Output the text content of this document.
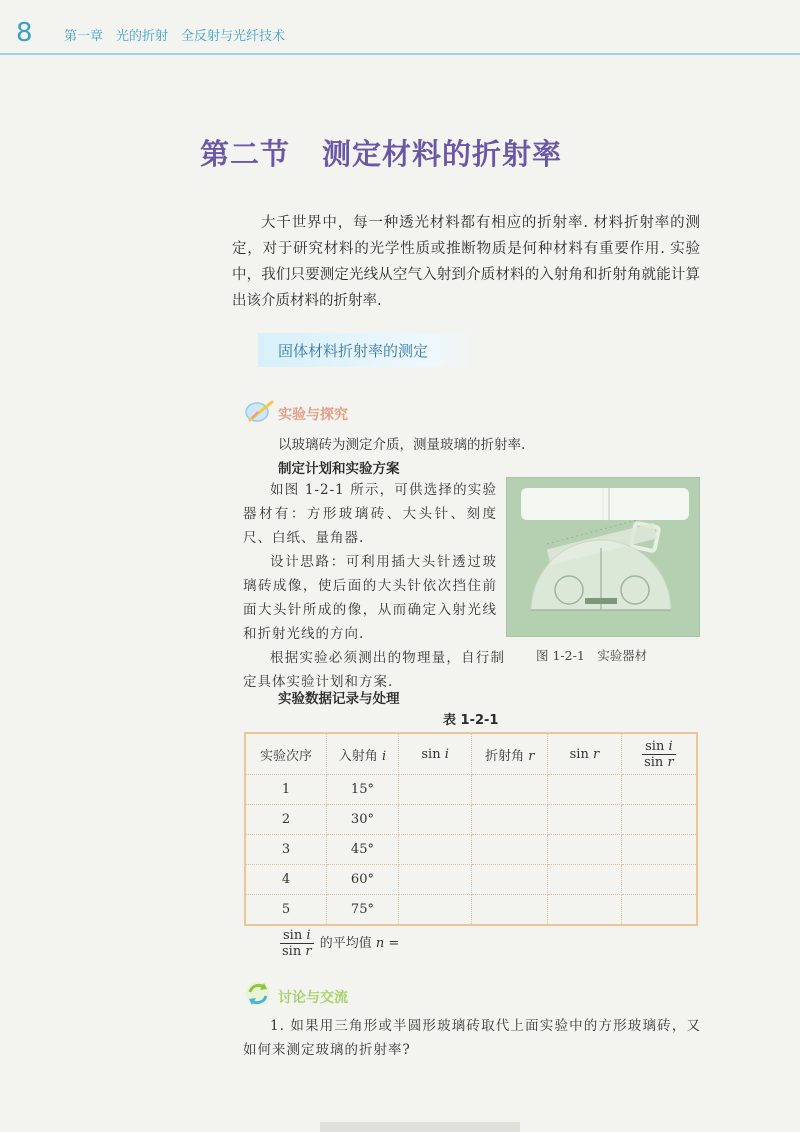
8 第一章　光的折射　全反射与光纤技术
第二节 测定材料的折射率
大千世界中，每一种透光材料都有相应的折射率. 材料折射率的测定，对于研究材料的光学性质或推断物质是何种材料有重要作用. 实验中，我们只要测定光线从空气入射到介质材料的入射角和折射角就能计算出该介质材料的折射率.
固体材料折射率的测定
实验与探究
以玻璃砖为测定介质，测量玻璃的折射率.
制定计划和实验方案

如图 1-2-1 所示，可供选择的实验器材有：方形玻璃砖、大头针、刻度尺、白纸、量角器.

设计思路：可利用插大头针透过玻璃砖成像，使后面的大头针依次挡住前面大头针所成的像，从而确定入射光线和折射光线的方向.

根据实验必须测出的物理量，自行制定具体实验计划和方案.

图 1-2-1　实验器材
实验数据记录与处理
表 1-2-1
实验次序	入射角 i	sin i	折射角 r	sin r	$\frac{\text{sin i}}{\text{sin r}}$

1	15°				
2	30°				
3	45°				
4	60°				
5	75°				
$\frac{\text{sin i}}{\text{sin r}}$ 的平均值 n =
讨论与交流
1. 如果用三角形或半圆形玻璃砖取代上面实验中的方形玻璃砖，又如何来测定玻璃的折射率?
